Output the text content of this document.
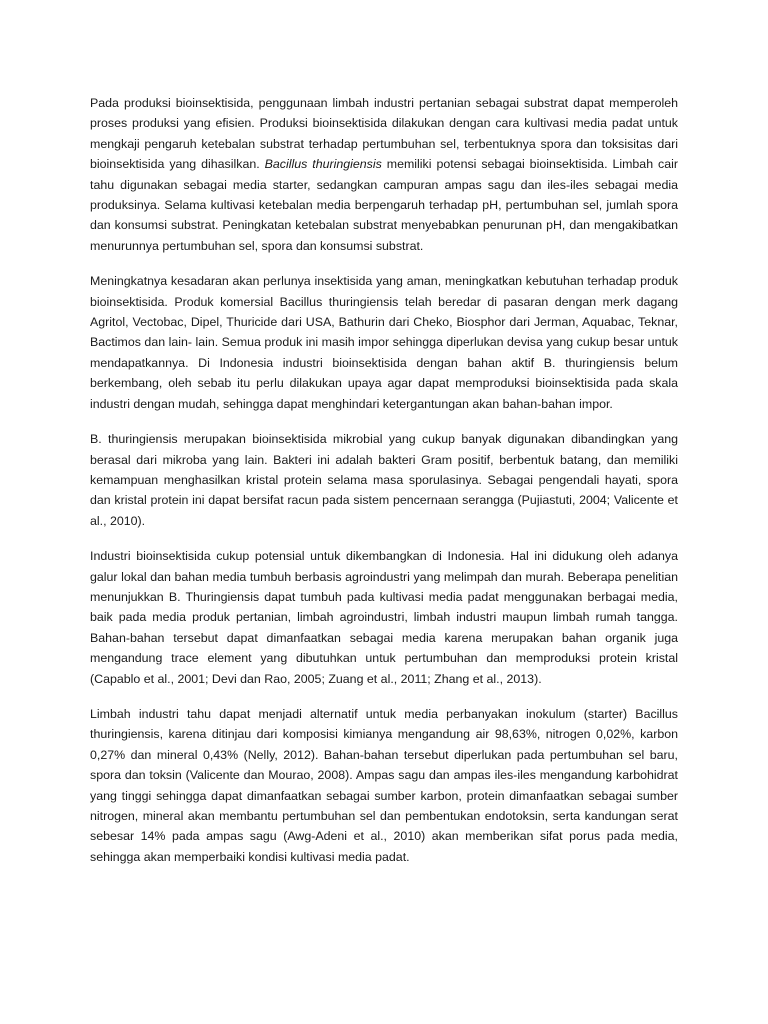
Pada produksi bioinsektisida, penggunaan limbah industri pertanian sebagai substrat dapat memperoleh proses produksi yang efisien. Produksi bioinsektisida dilakukan dengan cara kultivasi media padat untuk mengkaji pengaruh ketebalan substrat terhadap pertumbuhan sel, terbentuknya spora dan toksisitas dari bioinsektisida yang dihasilkan. Bacillus thuringiensis memiliki potensi sebagai bioinsektisida. Limbah cair tahu digunakan sebagai media starter, sedangkan campuran ampas sagu dan iles-iles sebagai media produksinya. Selama kultivasi ketebalan media berpengaruh terhadap pH, pertumbuhan sel, jumlah spora dan konsumsi substrat. Peningkatan ketebalan substrat menyebabkan penurunan pH, dan mengakibatkan menurunnya pertumbuhan sel, spora dan konsumsi substrat.

Meningkatnya kesadaran akan perlunya insektisida yang aman, meningkatkan kebutuhan terhadap produk bioinsektisida. Produk komersial Bacillus thuringiensis telah beredar di pasaran dengan merk dagang Agritol, Vectobac, Dipel, Thuricide dari USA, Bathurin dari Cheko, Biosphor dari Jerman, Aquabac, Teknar, Bactimos dan lain- lain. Semua produk ini masih impor sehingga diperlukan devisa yang cukup besar untuk mendapatkannya. Di Indonesia industri bioinsektisida dengan bahan aktif B. thuringiensis belum berkembang, oleh sebab itu perlu dilakukan upaya agar dapat memproduksi bioinsektisida pada skala industri dengan mudah, sehingga dapat menghindari ketergantungan akan bahan-bahan impor.

B. thuringiensis merupakan bioinsektisida mikrobial yang cukup banyak digunakan dibandingkan yang berasal dari mikroba yang lain. Bakteri ini adalah bakteri Gram positif, berbentuk batang, dan memiliki kemampuan menghasilkan kristal protein selama masa sporulasinya. Sebagai pengendali hayati, spora dan kristal protein ini dapat bersifat racun pada sistem pencernaan serangga (Pujiastuti, 2004; Valicente et al., 2010).

Industri bioinsektisida cukup potensial untuk dikembangkan di Indonesia. Hal ini didukung oleh adanya galur lokal dan bahan media tumbuh berbasis agroindustri yang melimpah dan murah. Beberapa penelitian menunjukkan B. Thuringiensis dapat tumbuh pada kultivasi media padat menggunakan berbagai media, baik pada media produk pertanian, limbah agroindustri, limbah industri maupun limbah rumah tangga. Bahan-bahan tersebut dapat dimanfaatkan sebagai media karena merupakan bahan organik juga mengandung trace element yang dibutuhkan untuk pertumbuhan dan memproduksi protein kristal (Capablo et al., 2001; Devi dan Rao, 2005; Zuang et al., 2011; Zhang et al., 2013).

Limbah industri tahu dapat menjadi alternatif untuk media perbanyakan inokulum (starter) Bacillus thuringiensis, karena ditinjau dari komposisi kimianya mengandung air 98,63%, nitrogen 0,02%, karbon 0,27% dan mineral 0,43% (Nelly, 2012). Bahan-bahan tersebut diperlukan pada pertumbuhan sel baru, spora dan toksin (Valicente dan Mourao, 2008). Ampas sagu dan ampas iles-iles mengandung karbohidrat yang tinggi sehingga dapat dimanfaatkan sebagai sumber karbon, protein dimanfaatkan sebagai sumber nitrogen, mineral akan membantu pertumbuhan sel dan pembentukan endotoksin, serta kandungan serat sebesar 14% pada ampas sagu (Awg-Adeni et al., 2010) akan memberikan sifat porus pada media, sehingga akan memperbaiki kondisi kultivasi media padat.
